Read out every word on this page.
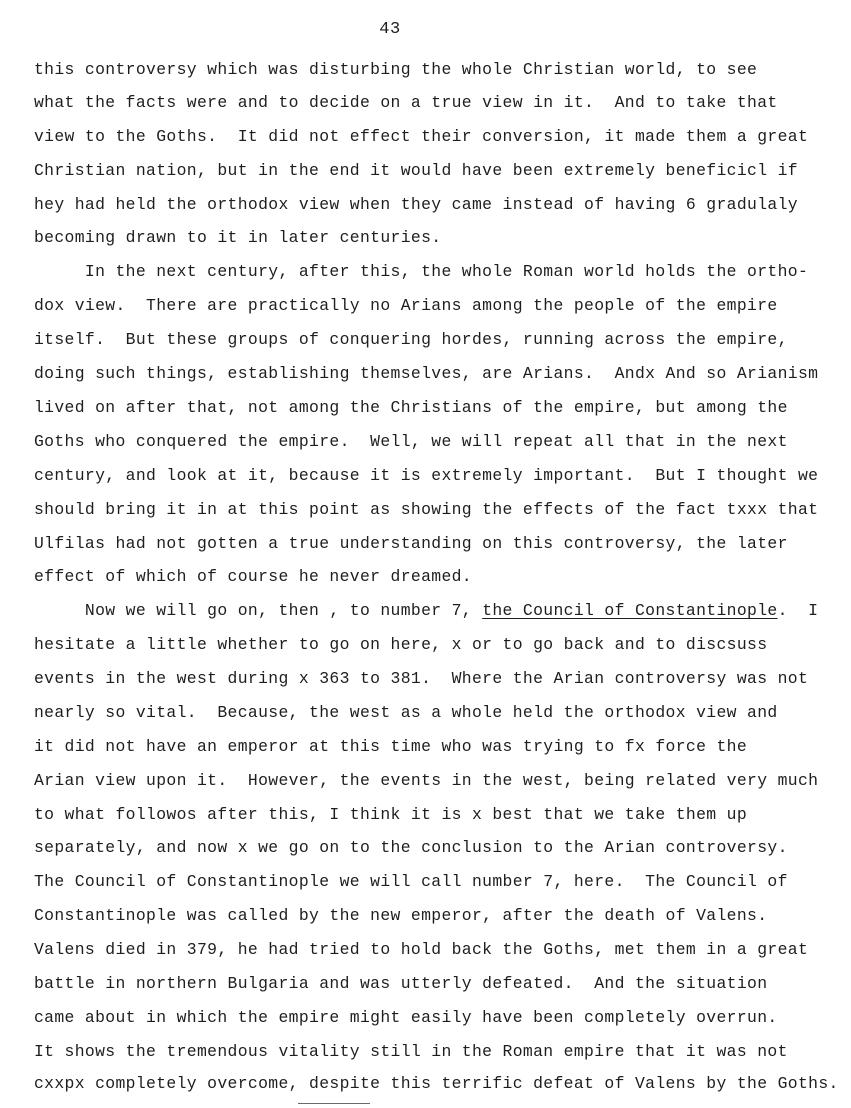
43
this controversy which was disturbing the whole Christian world, to see
what the facts were and to decide on a true view in it.  And to take that
view to the Goths.  It did not effect their conversion, it made them a great
Christian nation, but in the end it would have been extremely beneficicl if
hey had held the orthodox view when they came instead of having 6 gradulaly
becoming drawn to it in later centuries.
In the next century, after this, the whole Roman world holds the ortho-
dox view.  There are practically no Arians among the people of the empire
itself.  But these groups of conquering hordes, running across the empire,
doing such things, establishing themselves, are Arians.  Andx And so Arianism
lived on after that, not among the Christians of the empire, but among the
Goths who conquered the empire.  Well, we will repeat all that in the next
century, and look at it, because it is extremely important.  But I thought we
should bring it in at this point as showing the effects of the fact txxx that
Ulfilas had not gotten a true understanding on this controversy, the later
effect of which of course he never dreamed.
Now we will go on, then , to number 7, the Council of Constantinople.  I
hesitate a little whether to go on here, x or to go back and to discsuss
events in the west during x 363 to 381.  Where the Arian controversy was not
nearly so vital.  Because, the west as a whole held the orthodox view and
it did not have an emperor at this time who was trying to fx force the
Arian view upon it.  However, the events in the west, being related very much
to what followos after this, I think it is x best that we take them up
separately, and now x we go on to the conclusion to the Arian controversy.
The Council of Constantinople we will call number 7, here.  The Council of
Constantinople was called by the new emperor, after the death of Valens.
Valens died in 379, he had tried to hold back the Goths, met them in a great
battle in northern Bulgaria and was utterly defeated.  And the situation
came about in which the empire might easily have been completely overrun.
It shows the tremendous vitality still in the Roman empire that it was not
cxxpx completely overcome, despite this terrific defeat of Valens by the Goths.
